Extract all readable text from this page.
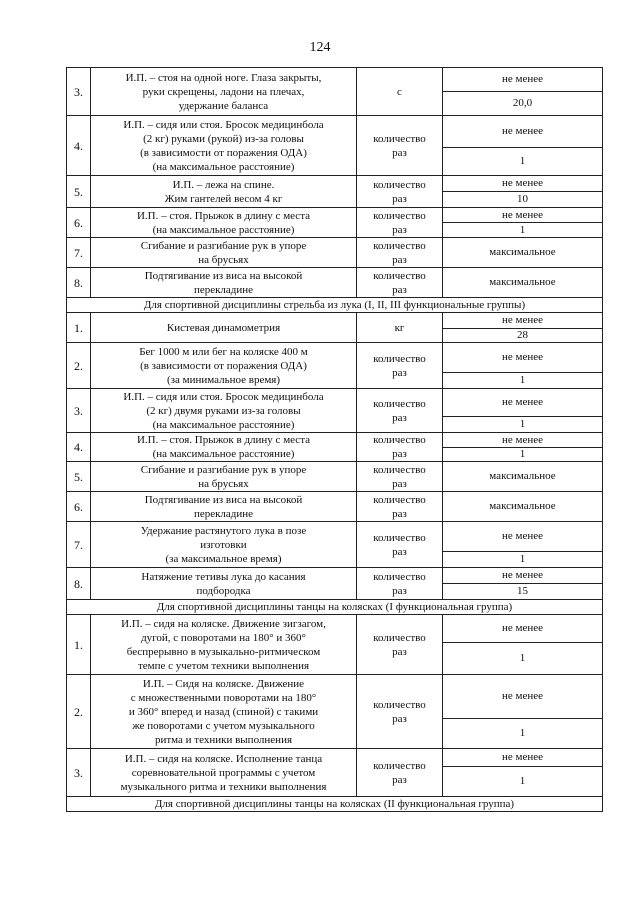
124
3.	И.П. – стоя на одной ноге. Глаза закрыты,
руки скрещены, ладони на плечах,
удержание баланса	с	не менее
			20,0
4.	И.П. – сидя или стоя. Бросок медицинбола
(2 кг) руками (рукой) из-за головы
(в зависимости от поражения ОДА)
(на максимальное расстояние)	количество
раз	не менее
			1
5.	И.П. – лежа на спине.
Жим гантелей весом 4 кг	количество
раз	не менее
			10
6.	И.П. – стоя. Прыжок в длину с места
(на максимальное расстояние)	количество
раз	не менее
			1
7.	Сгибание и разгибание рук в упоре
на брусьях	количество
раз	максимальное
8.	Подтягивание из виса на высокой
перекладине	количество
раз	максимальное
Для спортивной дисциплины стрельба из лука (I, II, III функциональные группы)			
1.	Кистевая динамометрия	кг	не менее
			28
2.	Бег 1000 м или бег на коляске 400 м
(в зависимости от поражения ОДА)
(за минимальное время)	количество
раз	не менее
			1
3.	И.П. – сидя или стоя. Бросок медицинбола
(2 кг) двумя руками из-за головы
(на максимальное расстояние)	количество
раз	не менее
			1
4.	И.П. – стоя. Прыжок в длину с места
(на максимальное расстояние)	количество
раз	не менее
			1
5.	Сгибание и разгибание рук в упоре
на брусьях	количество
раз	максимальное
6.	Подтягивание из виса на высокой
перекладине	количество
раз	максимальное
7.	Удержание растянутого лука в позе
изготовки
(за максимальное время)	количество
раз	не менее
			1
8.	Натяжение тетивы лука до касания
подбородка	количество
раз	не менее
			15
Для спортивной дисциплины танцы на колясках (I функциональная группа)			
1.	И.П. – сидя на коляске. Движение зигзагом,
дугой, с поворотами на 180° и 360°
беспрерывно в музыкально-ритмическом
темпе с учетом техники выполнения	количество
раз	не менее
			1
2.	И.П. – Сидя на коляске. Движение
с множественными поворотами на 180°
и 360° вперед и назад (спиной) с такими
же поворотами с учетом музыкального
ритма и техники выполнения	количество
раз	не менее
			1
3.	И.П. – сидя на коляске. Исполнение танца
соревновательной программы с учетом
музыкального ритма и техники выполнения	количество
раз	не менее
			1
Для спортивной дисциплины танцы на колясках (II функциональная группа)			
